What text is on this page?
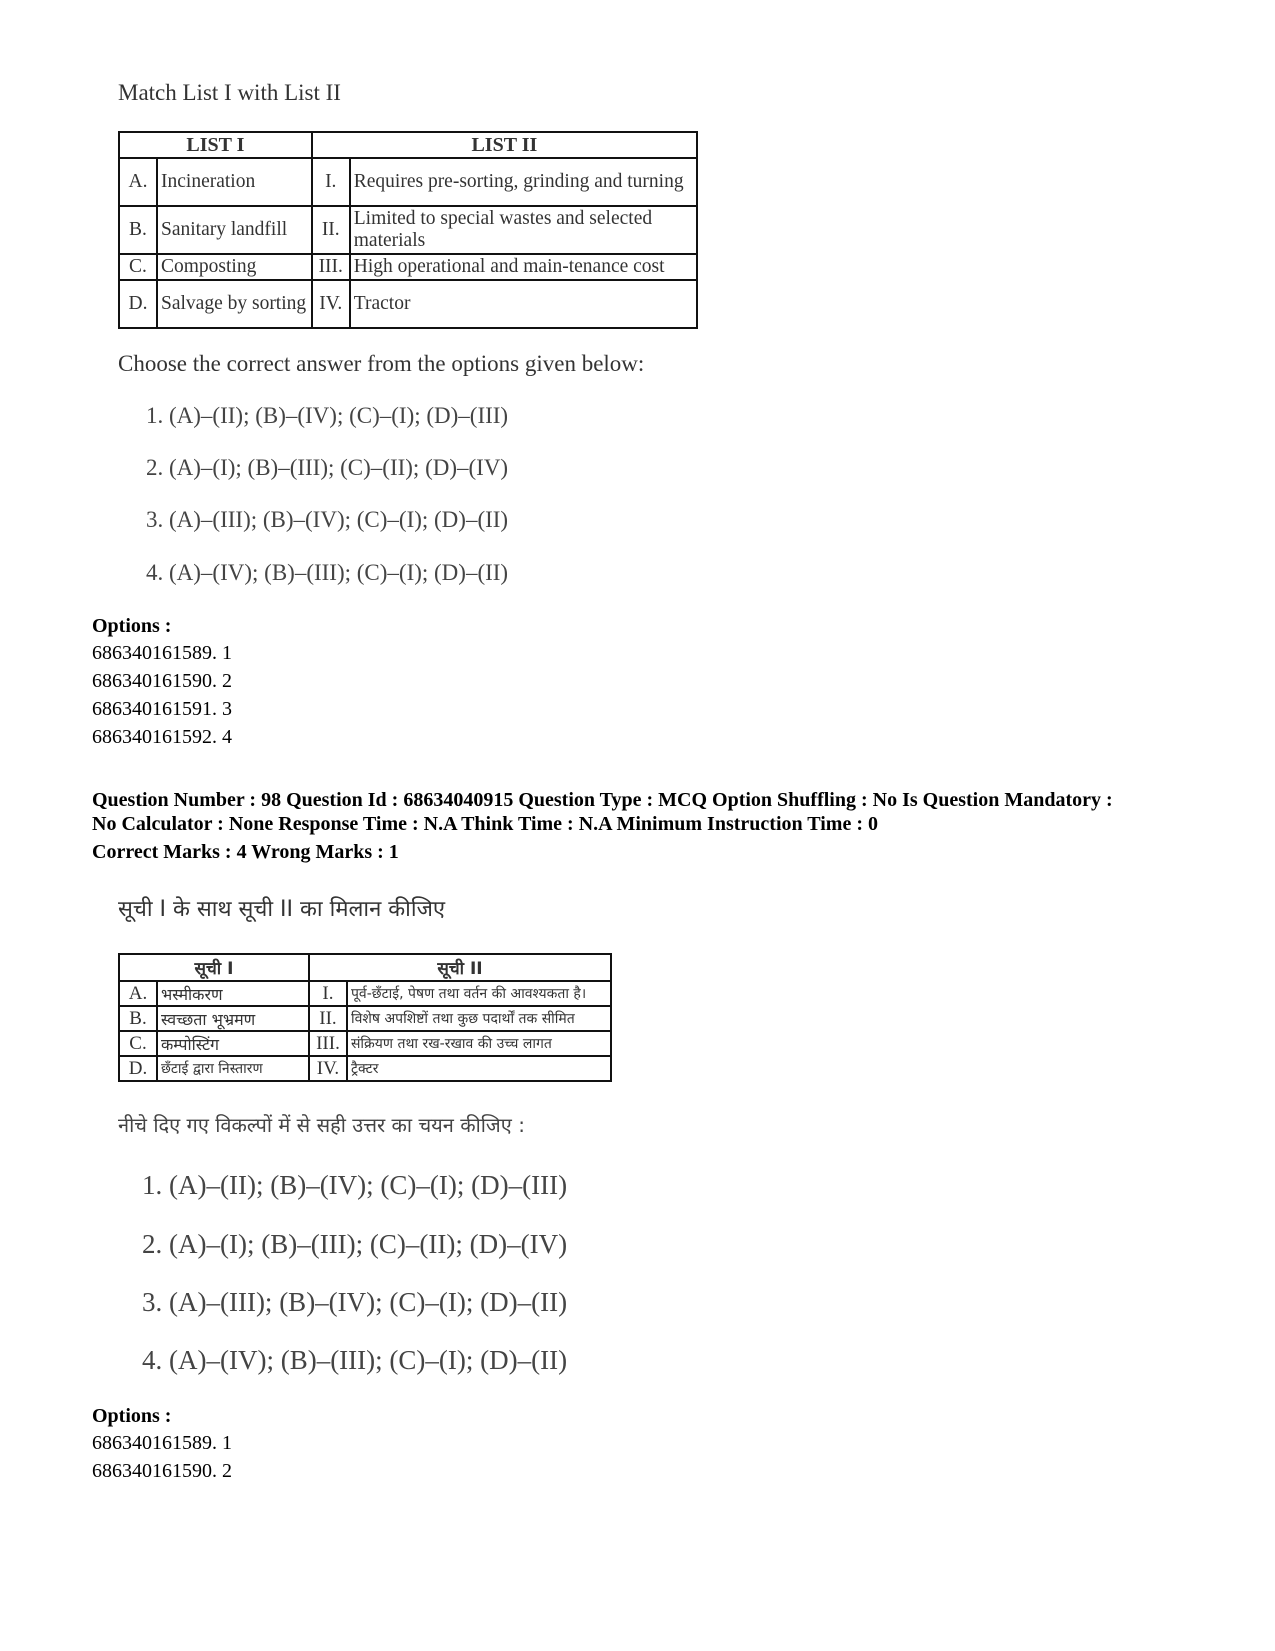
Match List I with List II
LIST I		LIST II	
A.	Incineration	I.	Requires pre-sorting, grinding and turning
B.	Sanitary landfill	II.	Limited to special wastes and selected materials
C.	Composting	III.	High operational and main-tenance cost
D.	Salvage by sorting	IV.	Tractor
Choose the correct answer from the options given below:
1. (A)–(II); (B)–(IV); (C)–(I); (D)–(III)
2. (A)–(I); (B)–(III); (C)–(II); (D)–(IV)
3. (A)–(III); (B)–(IV); (C)–(I); (D)–(II)
4. (A)–(IV); (B)–(III); (C)–(I); (D)–(II)
Options :
686340161589. 1
686340161590. 2
686340161591. 3
686340161592. 4
Question Number : 98 Question Id : 68634040915 Question Type : MCQ Option Shuffling : No Is Question Mandatory :
No Calculator : None Response Time : N.A Think Time : N.A Minimum Instruction Time : 0
Correct Marks : 4 Wrong Marks : 1
सूची I के साथ सूची II का मिलान कीजिए
सूची I		सूची II	
A.	भस्मीकरण	I.	पूर्व-छँटाई, पेषण तथा वर्तन की आवश्यकता है।
B.	स्वच्छता भूभ्रमण	II.	विशेष अपशिष्टों तथा कुछ पदार्थों तक सीमित
C.	कम्पोस्टिंग	III.	संक्रियण तथा रख-रखाव की उच्च लागत
D.	छँटाई द्वारा निस्तारण	IV.	ट्रैक्टर
नीचे दिए गए विकल्पों में से सही उत्तर का चयन कीजिए :
1. (A)–(II); (B)–(IV); (C)–(I); (D)–(III)
2. (A)–(I); (B)–(III); (C)–(II); (D)–(IV)
3. (A)–(III); (B)–(IV); (C)–(I); (D)–(II)
4. (A)–(IV); (B)–(III); (C)–(I); (D)–(II)
Options :
686340161589. 1
686340161590. 2
